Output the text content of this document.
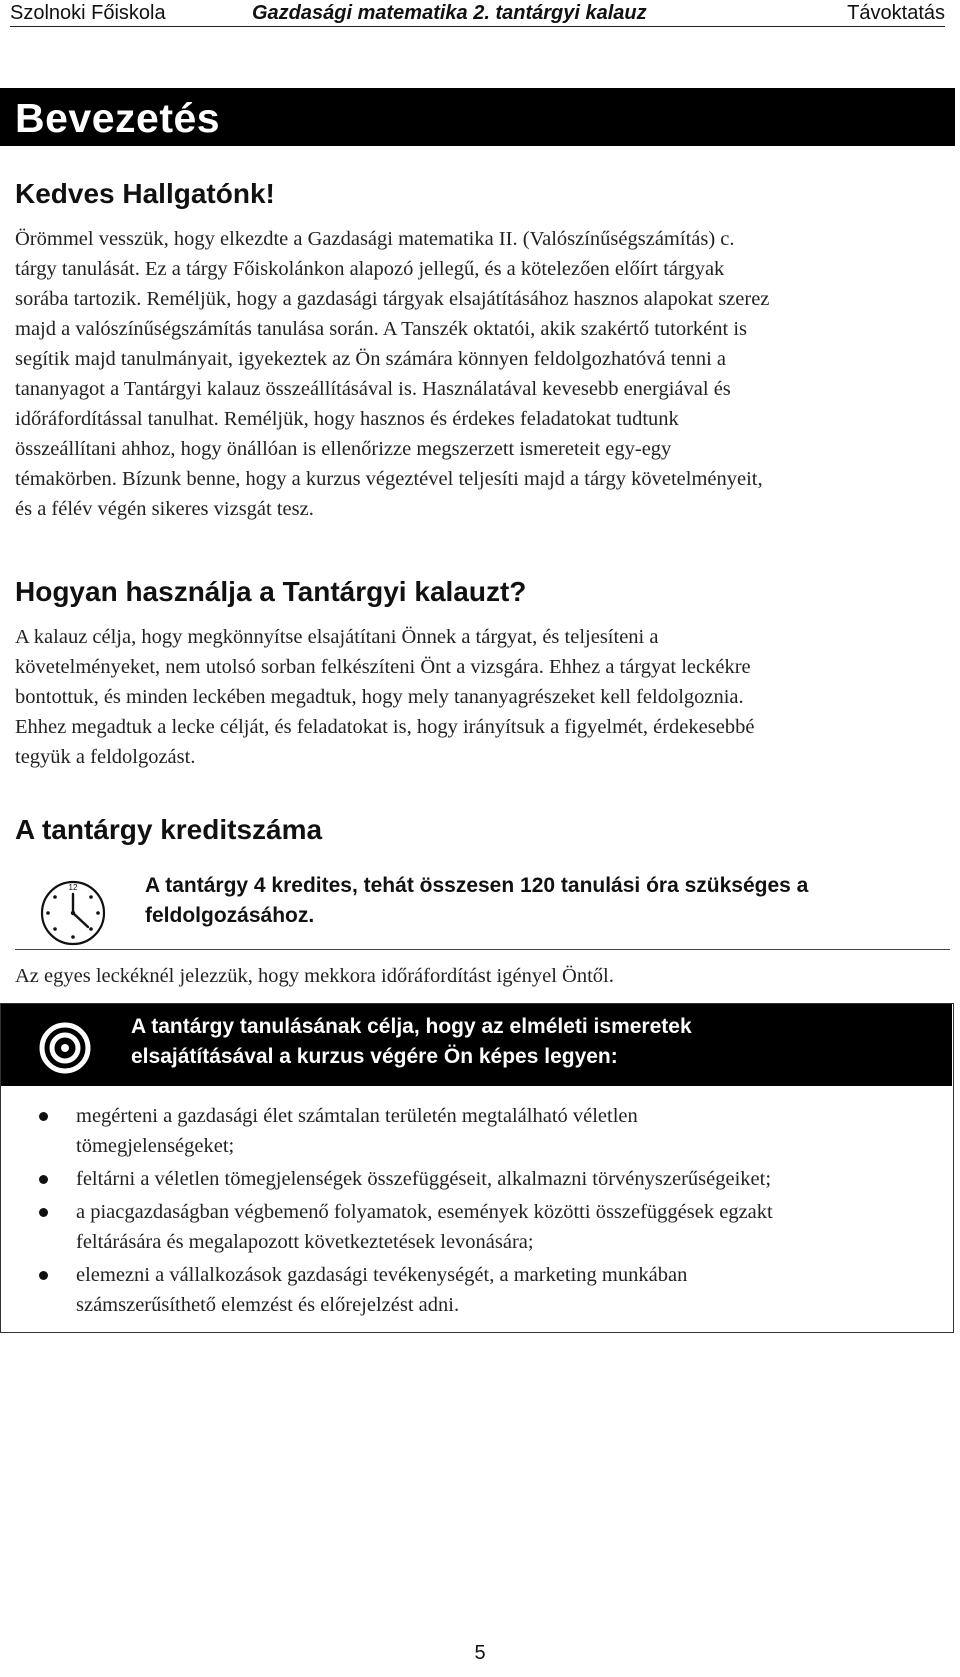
Szolnoki Főiskola	Gazdasági matematika 2. tantárgyi kalauz	Távoktatás
Bevezetés
Kedves Hallgatónk!

Örömmel vesszük, hogy elkezdte a Gazdasági matematika II. (Valószínűségszámítás) c.
tárgy tanulását. Ez a tárgy Főiskolánkon alapozó jellegű, és a kötelezően előírt tárgyak
sorába tartozik. Reméljük, hogy a gazdasági tárgyak elsajátításához hasznos alapokat szerez
majd a valószínűségszámítás tanulása során. A Tanszék oktatói, akik szakértő tutorként is
segítik majd tanulmányait, igyekeztek az Ön számára könnyen feldolgozhatóvá tenni a
tananyagot a Tantárgyi kalauz összeállításával is. Használatával kevesebb energiával és
időráfordítással tanulhat. Reméljük, hogy hasznos és érdekes feladatokat tudtunk
összeállítani ahhoz, hogy önállóan is ellenőrizze megszerzett ismereteit egy-egy
témakörben. Bízunk benne, hogy a kurzus végeztével teljesíti majd a tárgy követelményeit,
és a félév végén sikeres vizsgát tesz.

Hogyan használja a Tantárgyi kalauzt?

A kalauz célja, hogy megkönnyítse elsajátítani Önnek a tárgyat, és teljesíteni a
követelményeket, nem utolsó sorban felkészíteni Önt a vizsgára. Ehhez a tárgyat leckékre
bontottuk, és minden leckében megadtuk, hogy mely tananyagrészeket kell feldolgoznia.
Ehhez megadtuk a lecke célját, és feladatokat is, hogy irányítsuk a figyelmét, érdekesebbé
tegyük a feldolgozást.

A tantárgy kreditszáma
12	A tantárgy 4 kredites, tehát összesen 120 tanulási óra szükséges a
feldolgozásához.

Az egyes leckéknél jelezzük, hogy mekkora időráfordítást igényel Öntől.

A tantárgy tanulásának célja, hogy az elméleti ismeretek
elsajátításával a kurzus végére Ön képes legyen:

megérteni a gazdasági élet számtalan területén megtalálható véletlen
tömegjelenségeket;
feltárni a véletlen tömegjelenségek összefüggéseit, alkalmazni törvényszerűségeiket;
a piacgazdaságban végbemenő folyamatok, események közötti összefüggések egzakt
feltárására és megalapozott következtetések levonására;
elemezni a vállalkozások gazdasági tevékenységét, a marketing munkában
számszerűsíthető elemzést és előrejelzést adni.
5
